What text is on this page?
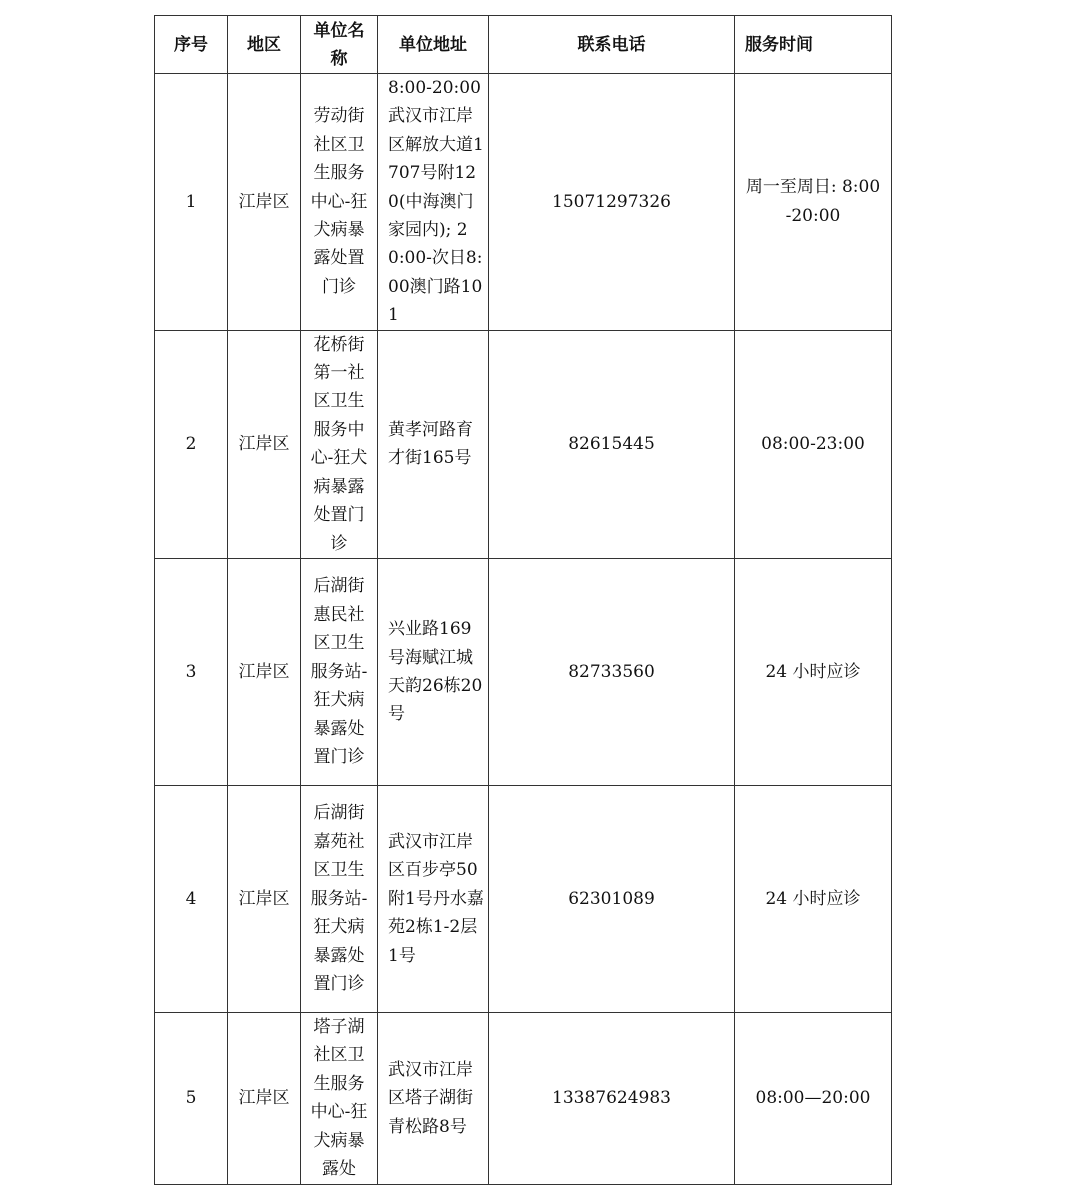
序号	地区	单位名称	单位地址	联系电话	服务时间
1	江岸区	劳动街社区卫生服务中心-狂犬病暴露处置门诊	8:00-20:00 武汉市江岸区解放大道1707号附120(中海澳门家园内); 20:00-次日8:00澳门路101	15071297326	周一至周日: 8:00-20:00

2	江岸区	花桥街第一社区卫生服务中心-狂犬病暴露处置门诊	黄孝河路育才街165号	82615445	08:00-23:00
3	江岸区	后湖街惠民社区卫生服务站-狂犬病暴露处置门诊	兴业路169号海赋江城天韵26栋20号	82733560	24 小时应诊
4	江岸区	后湖街嘉苑社区卫生服务站-狂犬病暴露处置门诊	武汉市江岸区百步亭50附1号丹水嘉苑2栋1-2层1号	62301089	24 小时应诊
5	江岸区	塔子湖社区卫生服务中心-狂犬病暴露处	武汉市江岸区塔子湖街青松路8号	13387624983	08:00—20:00
